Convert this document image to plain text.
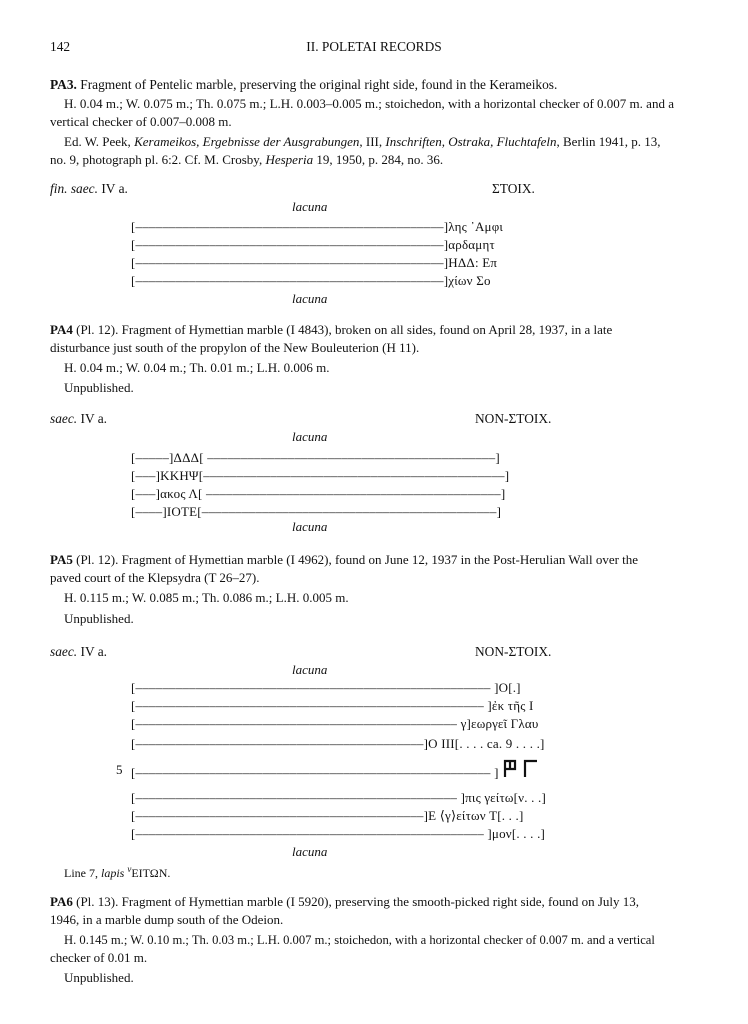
142	II. POLETAI RECORDS
PA3. Fragment of Pentelic marble, preserving the original right side, found in the Kerameikos.
H. 0.04 m.; W. 0.075 m.; Th. 0.075 m.; L.H. 0.003–0.005 m.; stoichedon, with a horizontal checker of 0.007 m. and a
vertical checker of 0.007–0.008 m.
Ed. W. Peek, Kerameikos, Ergebnisse der Ausgrabungen, III, Inschriften, Ostraka, Fluchtafeln, Berlin 1941, p. 13,
no. 9, photograph pl. 6:2. Cf. M. Crosby, Hesperia 19, 1950, p. 284, no. 36.
fin. saec. IV a.	ΣΤΟΙΧ.
lacuna
[––––––––––––––––––––––––––––––––––––––––––––––]λης ᾿Αμφι
[––––––––––––––––––––––––––––––––––––––––––––––]αρδαμητ
[––––––––––––––––––––––––––––––––––––––––––––––]ΗΔΔ: Επ
[––––––––––––––––––––––––––––––––––––––––––––––]χίων Σο
lacuna
PA4 (Pl. 12). Fragment of Hymettian marble (I 4843), broken on all sides, found on April 28, 1937, in a late
disturbance just south of the propylon of the New Bouleuterion (H 11).
H. 0.04 m.; W. 0.04 m.; Th. 0.01 m.; L.H. 0.006 m.
Unpublished.
saec. IV a.	NON-ΣΤΟΙΧ.
lacuna
[–––––]ΔΔΔ[ –––––––––––––––––––––––––––––––––––––––––––]
[–––]ΚΚΗΨ[–––––––––––––––––––––––––––––––––––––––––––––]
[–––]ακος Λ[ ––––––––––––––––––––––––––––––––––––––––––––]
[––––]ΙΟΤΕ[––––––––––––––––––––––––––––––––––––––––––––]
lacuna
PA5 (Pl. 12). Fragment of Hymettian marble (I 4962), found on June 12, 1937 in the Post-Herulian Wall over the
paved court of the Klepsydra (T 26–27).
H. 0.115 m.; W. 0.085 m.; Th. 0.086 m.; L.H. 0.005 m.
Unpublished.
saec. IV a.	NON-ΣΤΟΙΧ.
lacuna
[––––––––––––––––––––––––––––––––––––––––––––––––––––– ]Ο[.]
[–––––––––––––––––––––––––––––––––––––––––––––––––––– ]ἐκ τῆς Ι
[–––––––––––––––––––––––––––––––––––––––––––––––– γ]εωργεῖ Γλαυ
[–––––––––––––––––––––––––––––––––––––––––––]Ο ΙΙΙ[. . . . ca. 9 . . . .]
5 [––––––––––––––––––––––––––––––––––––––––––––––––––––– ]
[–––––––––––––––––––––––––––––––––––––––––––––––– ]πις γείτω[ν. . .]
[–––––––––––––––––––––––––––––––––––––––––––]Ε ⟨γ⟩είτων Τ[. . .]
[–––––––––––––––––––––––––––––––––––––––––––––––––––– ]μον[. . . .]
lacuna
Line 7, lapis $^v$ΕΙΤΩΝ.
PA6 (Pl. 13). Fragment of Hymettian marble (I 5920), preserving the smooth-picked right side, found on July 13,
1946, in a marble dump south of the Odeion.
H. 0.145 m.; W. 0.10 m.; Th. 0.03 m.; L.H. 0.007 m.; stoichedon, with a horizontal checker of 0.007 m. and a vertical
checker of 0.01 m.
Unpublished.
